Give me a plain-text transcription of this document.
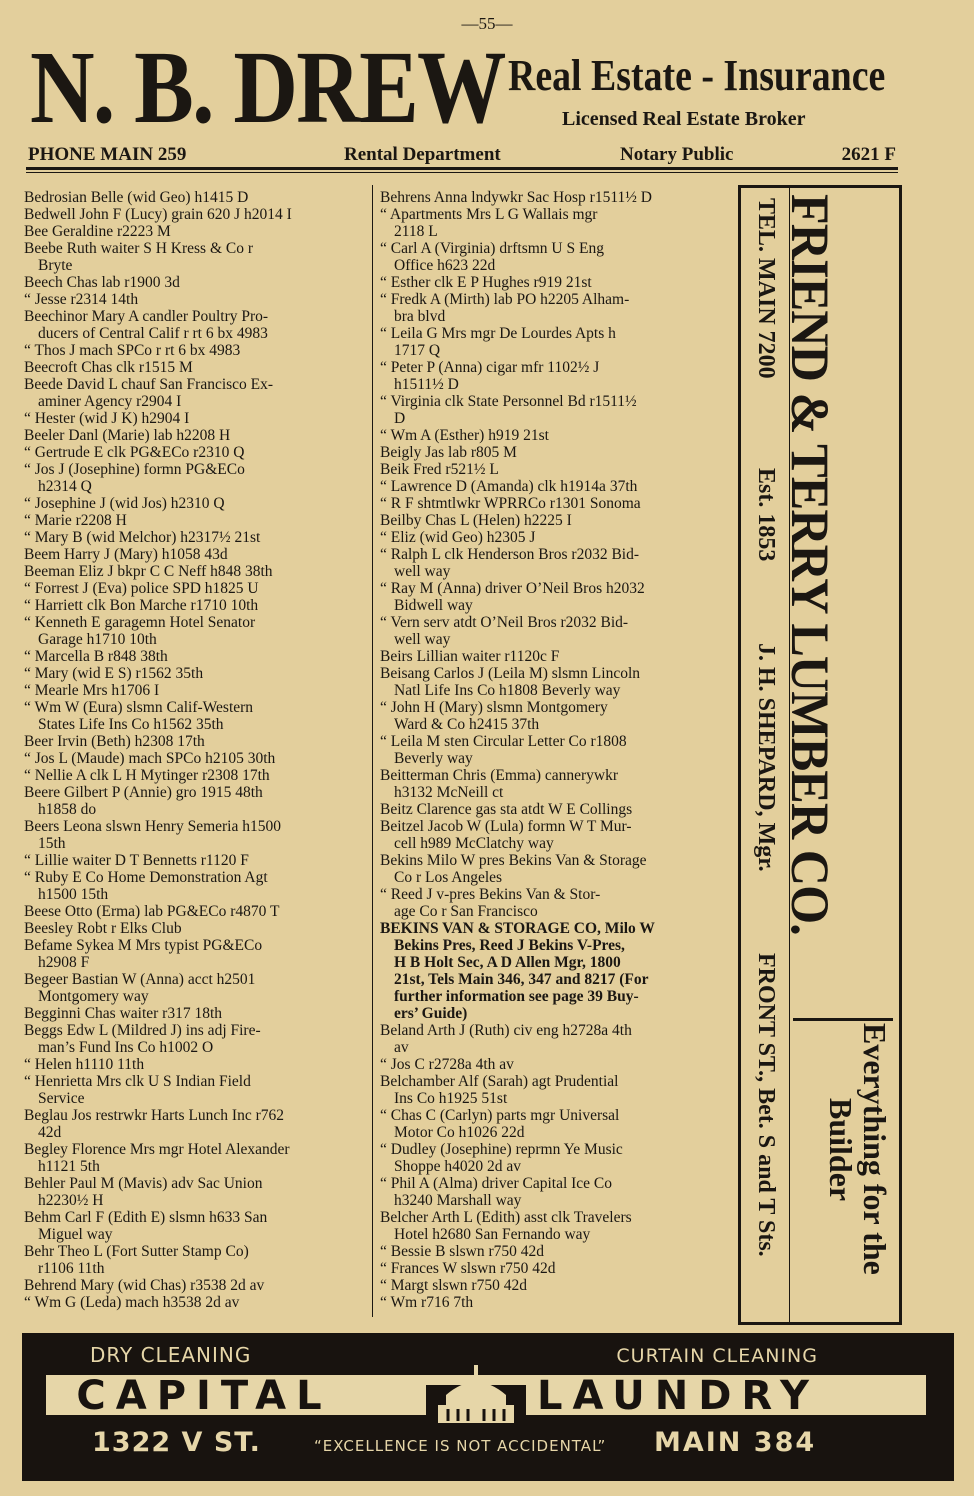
—55—
N. B. DREW Real Estate - Insurance
Licensed Real Estate Broker
PHONE MAIN 259	Rental Department	Notary Public	2621 F
Bedrosian Belle (wid Geo) h1415 D
Bedwell John F (Lucy) grain 620 J h2014 I
Bee Geraldine r2223 M
Beebe Ruth waiter S H Kress & Co r
Bryte
Beech Chas lab r1900 3d
“ Jesse r2314 14th
Beechinor Mary A candler Poultry Pro-
ducers of Central Calif r rt 6 bx 4983
“ Thos J mach SPCo r rt 6 bx 4983
Beecroft Chas clk r1515 M
Beede David L chauf San Francisco Ex-
aminer Agency r2904 I
“ Hester (wid J K) h2904 I
Beeler Danl (Marie) lab h2208 H
“ Gertrude E clk PG&ECo r2310 Q
“ Jos J (Josephine) formn PG&ECo
h2314 Q
“ Josephine J (wid Jos) h2310 Q
“ Marie r2208 H
“ Mary B (wid Melchor) h2317½ 21st
Beem Harry J (Mary) h1058 43d
Beeman Eliz J bkpr C C Neff h848 38th
“ Forrest J (Eva) police SPD h1825 U
“ Harriett clk Bon Marche r1710 10th
“ Kenneth E garagemn Hotel Senator
Garage h1710 10th
“ Marcella B r848 38th
“ Mary (wid E S) r1562 35th
“ Mearle Mrs h1706 I
“ Wm W (Eura) slsmn Calif-Western
States Life Ins Co h1562 35th
Beer Irvin (Beth) h2308 17th
“ Jos L (Maude) mach SPCo h2105 30th
“ Nellie A clk L H Mytinger r2308 17th
Beere Gilbert P (Annie) gro 1915 48th
h1858 do
Beers Leona slswn Henry Semeria h1500
15th
“ Lillie waiter D T Bennetts r1120 F
“ Ruby E Co Home Demonstration Agt
h1500 15th
Beese Otto (Erma) lab PG&ECo r4870 T
Beesley Robt r Elks Club
Befame Sykea M Mrs typist PG&ECo
h2908 F
Begeer Bastian W (Anna) acct h2501
Montgomery way
Begginni Chas waiter r317 18th
Beggs Edw L (Mildred J) ins adj Fire-
man’s Fund Ins Co h1002 O
“ Helen h1110 11th
“ Henrietta Mrs clk U S Indian Field
Service
Beglau Jos restrwkr Harts Lunch Inc r762
42d
Begley Florence Mrs mgr Hotel Alexander
h1121 5th
Behler Paul M (Mavis) adv Sac Union
h2230½ H
Behm Carl F (Edith E) slsmn h633 San
Miguel way
Behr Theo L (Fort Sutter Stamp Co)
r1106 11th
Behrend Mary (wid Chas) r3538 2d av
“ Wm G (Leda) mach h3538 2d av
Behrens Anna lndywkr Sac Hosp r1511½ D
“ Apartments Mrs L G Wallais mgr
2118 L
“ Carl A (Virginia) drftsmn U S Eng
Office h623 22d
“ Esther clk E P Hughes r919 21st
“ Fredk A (Mirth) lab PO h2205 Alham-
bra blvd
“ Leila G Mrs mgr De Lourdes Apts h
1717 Q
“ Peter P (Anna) cigar mfr 1102½ J
h1511½ D
“ Virginia clk State Personnel Bd r1511½
D
“ Wm A (Esther) h919 21st
Beigly Jas lab r805 M
Beik Fred r521½ L
“ Lawrence D (Amanda) clk h1914a 37th
“ R F shtmtlwkr WPRRCo r1301 Sonoma
Beilby Chas L (Helen) h2225 I
“ Eliz (wid Geo) h2305 J
“ Ralph L clk Henderson Bros r2032 Bid-
well way
“ Ray M (Anna) driver O’Neil Bros h2032
Bidwell way
“ Vern serv atdt O’Neil Bros r2032 Bid-
well way
Beirs Lillian waiter r1120c F
Beisang Carlos J (Leila M) slsmn Lincoln
Natl Life Ins Co h1808 Beverly way
“ John H (Mary) slsmn Montgomery
Ward & Co h2415 37th
“ Leila M sten Circular Letter Co r1808
Beverly way
Beitterman Chris (Emma) cannerywkr
h3132 McNeill ct
Beitz Clarence gas sta atdt W E Collings
Beitzel Jacob W (Lula) formn W T Mur-
cell h989 McClatchy way
Bekins Milo W pres Bekins Van & Storage
Co r Los Angeles
“ Reed J v-pres Bekins Van & Stor-
age Co r San Francisco
BEKINS VAN & STORAGE CO, Milo W
Bekins Pres, Reed J Bekins V-Pres,
H B Holt Sec, A D Allen Mgr, 1800
21st, Tels Main 346, 347 and 8217 (For
further information see page 39 Buy-
ers’ Guide)
Beland Arth J (Ruth) civ eng h2728a 4th
av
“ Jos C r2728a 4th av
Belchamber Alf (Sarah) agt Prudential
Ins Co h1925 51st
“ Chas C (Carlyn) parts mgr Universal
Motor Co h1026 22d
“ Dudley (Josephine) reprmn Ye Music
Shoppe h4020 2d av
“ Phil A (Alma) driver Capital Ice Co
h3240 Marshall way
Belcher Arth L (Edith) asst clk Travelers
Hotel h2680 San Fernando way
“ Bessie B slswn r750 42d
“ Frances W slswn r750 42d
“ Margt slswn r750 42d
“ Wm r716 7th
TEL. MAIN 7200
Est. 1853
J. H. SHEPARD, Mgr.
FRONT ST., Bet. S and T Sts.
FRIEND & TERRY LUMBER CO.
Everything for the
Builder
DRY CLEANING	CURTAIN CLEANING
1322 V ST.	“EXCELLENCE IS NOT ACCIDENTAL” MAIN 384
CAPITAL	LAUNDRY
